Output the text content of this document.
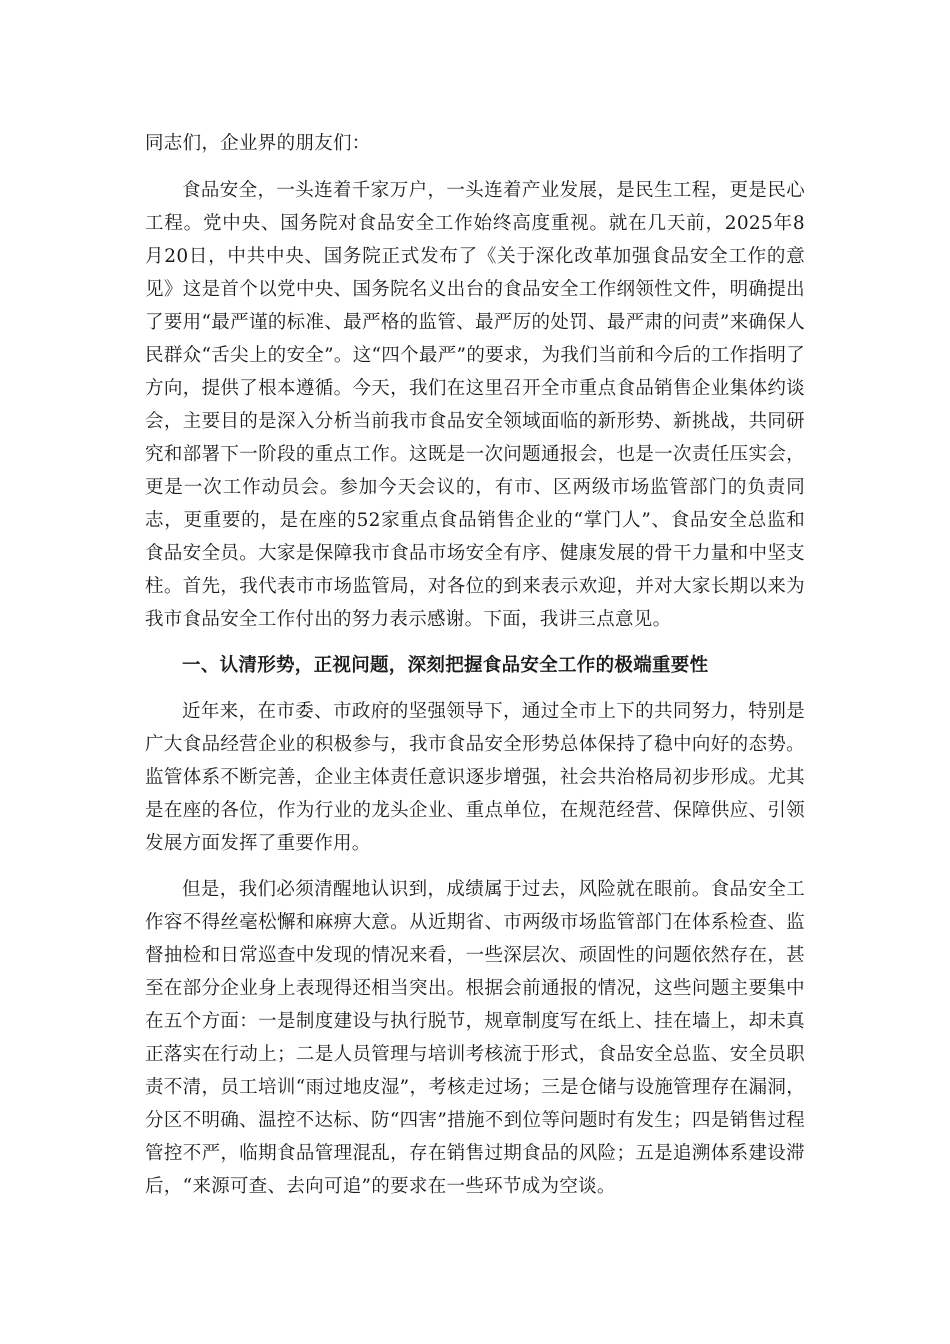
同志们，企业界的朋友们：

食品安全，一头连着千家万户，一头连着产业发展，是民生工程，更是民心工程。党中央、国务院对食品安全工作始终高度重视。就在几天前，2025年8月20日，中共中央、国务院正式发布了《关于深化改革加强食品安全工作的意见》这是首个以党中央、国务院名义出台的食品安全工作纲领性文件，明确提出了要用“最严谨的标准、最严格的监管、最严厉的处罚、最严肃的问责”来确保人民群众“舌尖上的安全”。这“四个最严”的要求，为我们当前和今后的工作指明了方向，提供了根本遵循。今天，我们在这里召开全市重点食品销售企业集体约谈会，主要目的是深入分析当前我市食品安全领域面临的新形势、新挑战，共同研究和部署下一阶段的重点工作。这既是一次问题通报会，也是一次责任压实会，更是一次工作动员会。参加今天会议的，有市、区两级市场监管部门的负责同志，更重要的，是在座的52家重点食品销售企业的“掌门人”、食品安全总监和食品安全员。大家是保障我市食品市场安全有序、健康发展的骨干力量和中坚支柱。首先，我代表市市场监管局，对各位的到来表示欢迎，并对大家长期以来为我市食品安全工作付出的努力表示感谢。下面，我讲三点意见。

一、认清形势，正视问题，深刻把握食品安全工作的极端重要性

近年来，在市委、市政府的坚强领导下，通过全市上下的共同努力，特别是广大食品经营企业的积极参与，我市食品安全形势总体保持了稳中向好的态势。监管体系不断完善，企业主体责任意识逐步增强，社会共治格局初步形成。尤其是在座的各位，作为行业的龙头企业、重点单位，在规范经营、保障供应、引领发展方面发挥了重要作用。

但是，我们必须清醒地认识到，成绩属于过去，风险就在眼前。食品安全工作容不得丝毫松懈和麻痹大意。从近期省、市两级市场监管部门在体系检查、监督抽检和日常巡查中发现的情况来看，一些深层次、顽固性的问题依然存在，甚至在部分企业身上表现得还相当突出。根据会前通报的情况，这些问题主要集中在五个方面：一是制度建设与执行脱节，规章制度写在纸上、挂在墙上，却未真正落实在行动上；二是人员管理与培训考核流于形式，食品安全总监、安全员职责不清，员工培训“雨过地皮湿”，考核走过场；三是仓储与设施管理存在漏洞，分区不明确、温控不达标、防“四害”措施不到位等问题时有发生；四是销售过程管控不严，临期食品管理混乱，存在销售过期食品的风险；五是追溯体系建设滞后，“来源可查、去向可追”的要求在一些环节成为空谈。
